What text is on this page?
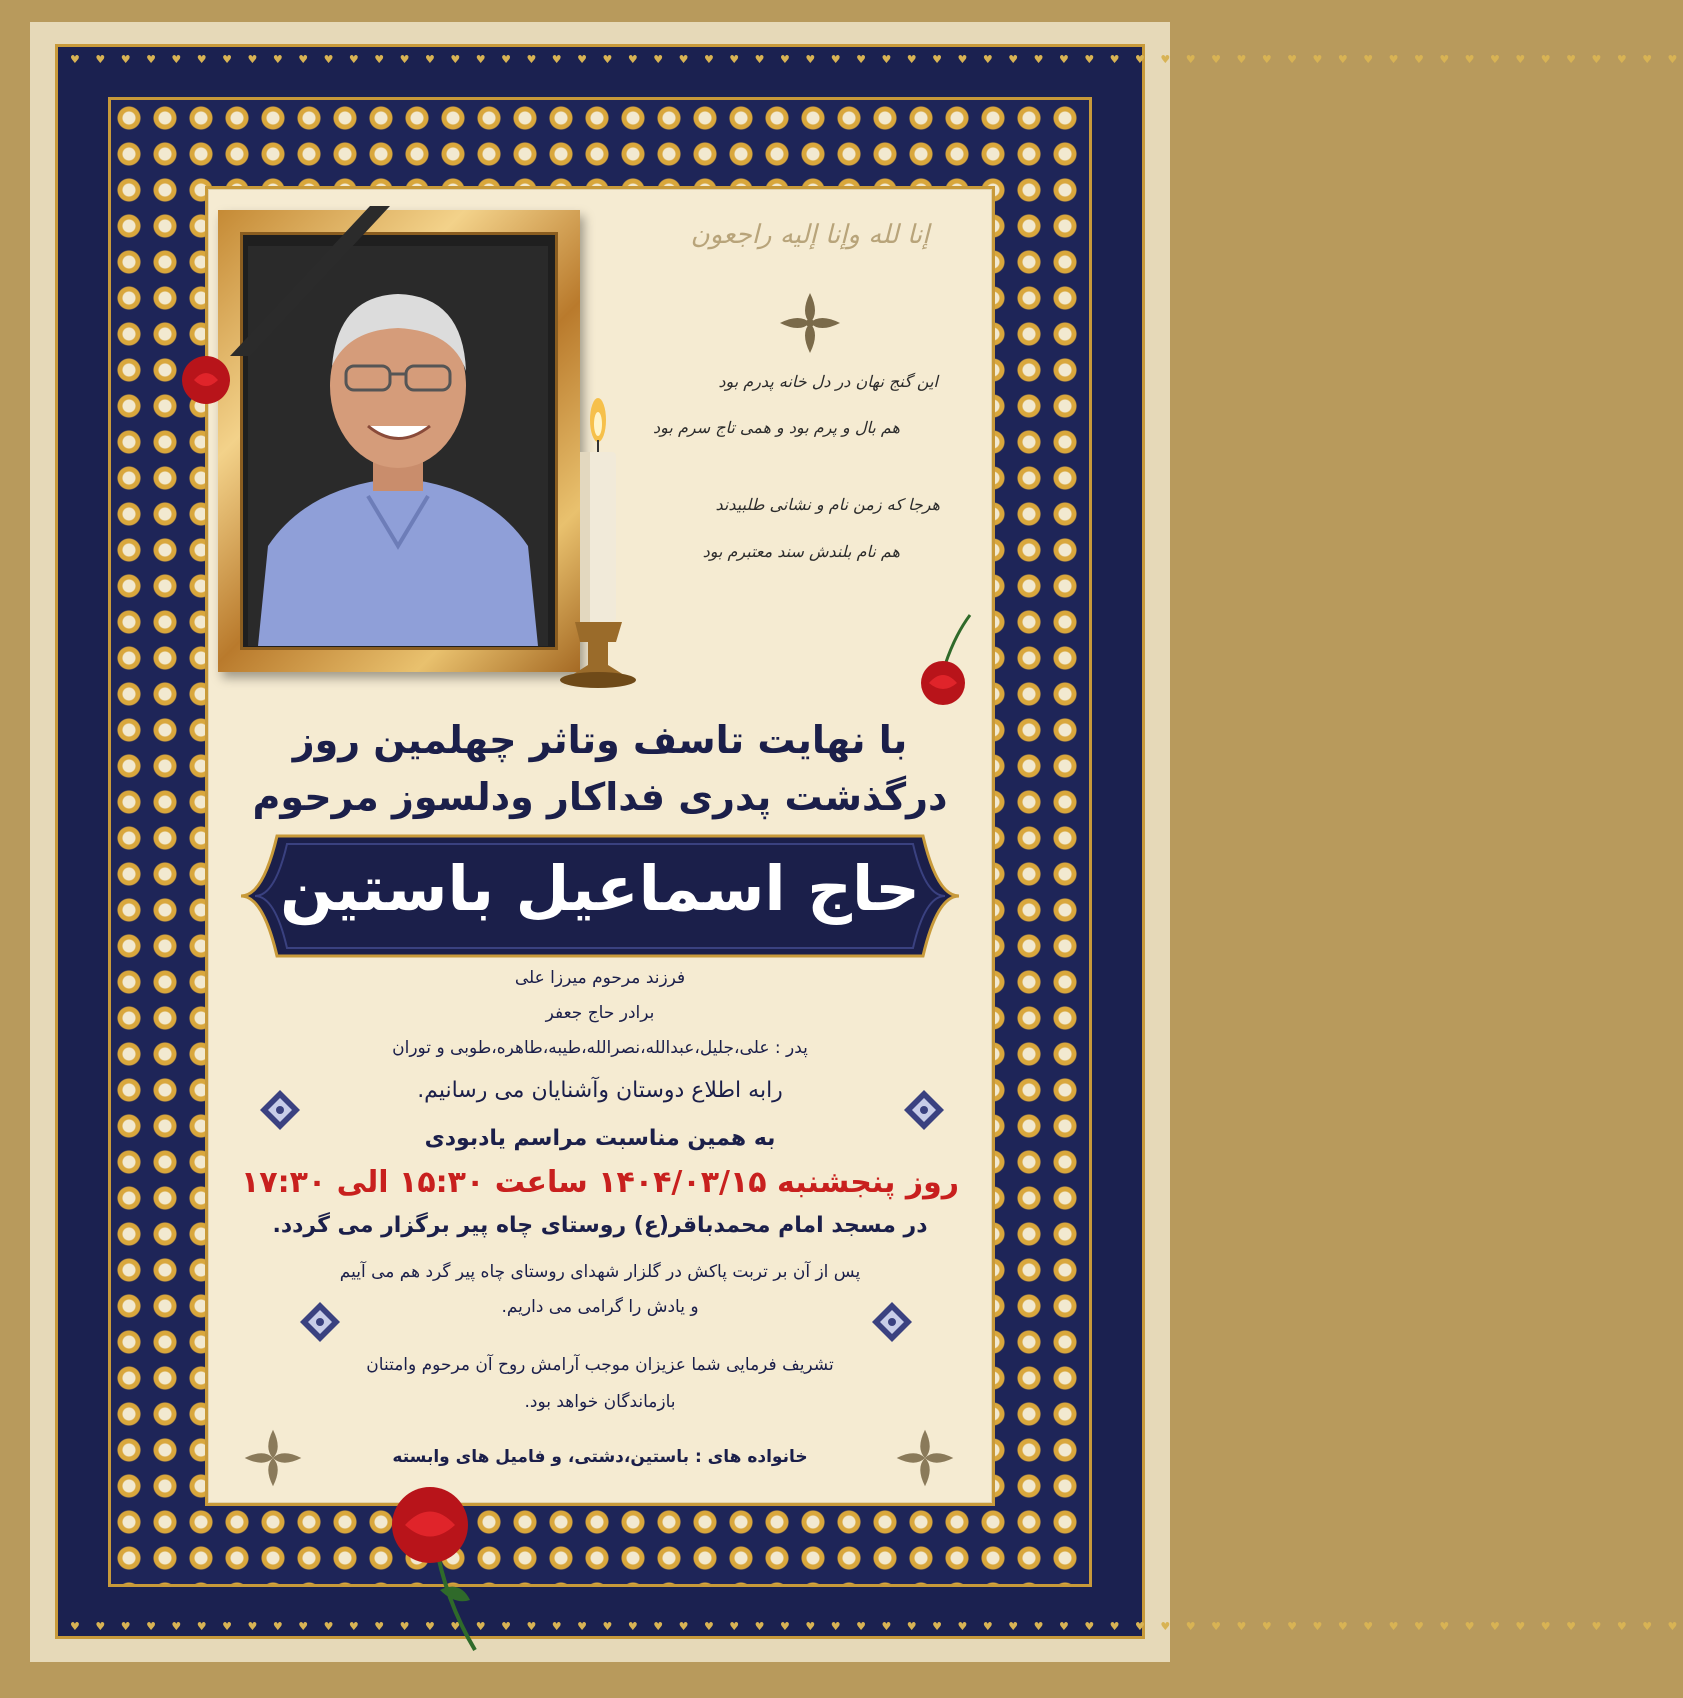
♥ ♥ ♥ ♥ ♥ ♥ ♥ ♥ ♥ ♥ ♥ ♥ ♥ ♥ ♥ ♥ ♥ ♥ ♥ ♥ ♥ ♥ ♥ ♥ ♥ ♥ ♥ ♥ ♥ ♥ ♥ ♥ ♥ ♥ ♥ ♥ ♥ ♥ ♥ ♥ ♥ ♥ ♥ ♥ ♥ ♥ ♥ ♥ ♥ ♥ ♥ ♥ ♥ ♥ ♥ ♥ ♥ ♥ ♥ ♥ ♥ ♥ ♥ ♥
♥ ♥ ♥ ♥ ♥ ♥ ♥ ♥ ♥ ♥ ♥ ♥ ♥ ♥ ♥ ♥ ♥ ♥ ♥ ♥ ♥ ♥ ♥ ♥ ♥ ♥ ♥ ♥ ♥ ♥ ♥ ♥ ♥ ♥ ♥ ♥ ♥ ♥ ♥ ♥ ♥ ♥ ♥ ♥ ♥ ♥ ♥ ♥ ♥ ♥ ♥ ♥ ♥ ♥ ♥ ♥ ♥ ♥ ♥ ♥ ♥ ♥ ♥ ♥
إنا لله وإنا إليه راجعون
این گنج نهان در دل خانه پدرم بود
هم بال و پرم بود و همی تاج سرم بود
هرجا که زمن نام و نشانی طلبیدند
هم نام بلندش سند معتبرم بود
با نهایت تاسف وتاثر چهلمین روز
درگذشت پدری فداکار ودلسوز مرحوم
حاج اسماعیل باستین
فرزند مرحوم میرزا علی
برادر حاج جعفر
پدر : علی،جلیل،عبدالله،نصرالله،طیبه،طاهره،طوبی و توران
رابه اطلاع دوستان وآشنایان می رسانیم.
به همین مناسبت مراسم یادبودی
روز پنجشنبه ۱۴۰۴/۰۳/۱۵ ساعت ۱۵:۳۰ الی ۱۷:۳۰
در مسجد امام محمدباقر(ع) روستای چاه پیر برگزار می گردد.
پس از آن بر تربت پاکش در گلزار شهدای روستای چاه پیر گرد هم می آییم
و یادش را گرامی می داریم.
تشریف فرمایی شما عزیزان موجب آرامش روح آن مرحوم وامتنان
بازماندگان خواهد بود.
خانواده های : باستین،دشتی، و فامیل های وابسته
